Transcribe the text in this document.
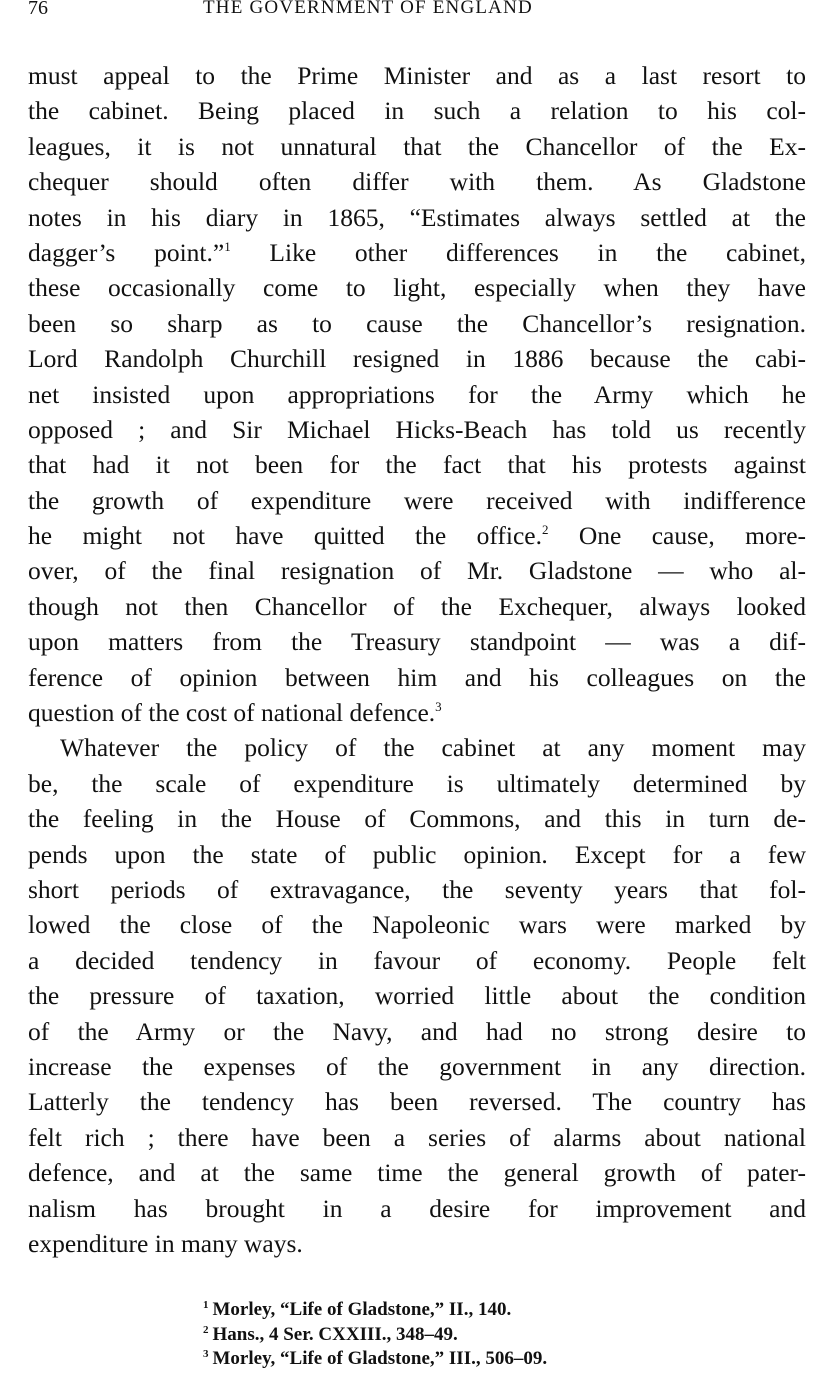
76	THE GOVERNMENT OF ENGLAND
must appeal to the Prime Minister and as a last resort to
the cabinet. Being placed in such a relation to his col-
leagues, it is not unnatural that the Chancellor of the Ex-
chequer should often differ with them. As Gladstone
notes in his diary in 1865, “Estimates always settled at the
dagger’s point.”$^1$ Like other differences in the cabinet,
these occasionally come to light, especially when they have
been so sharp as to cause the Chancellor’s resignation.
Lord Randolph Churchill resigned in 1886 because the cabi-
net insisted upon appropriations for the Army which he
opposed ; and Sir Michael Hicks-Beach has told us recently
that had it not been for the fact that his protests against
the growth of expenditure were received with indifference
he might not have quitted the office.$^2$ One cause, more-
over, of the final resignation of Mr. Gladstone — who al-
though not then Chancellor of the Exchequer, always looked
upon matters from the Treasury standpoint — was a dif-
ference of opinion between him and his colleagues on the
question of the cost of national defence.$^3$
Whatever the policy of the cabinet at any moment may
be, the scale of expenditure is ultimately determined by
the feeling in the House of Commons, and this in turn de-
pends upon the state of public opinion. Except for a few
short periods of extravagance, the seventy years that fol-
lowed the close of the Napoleonic wars were marked by
a decided tendency in favour of economy. People felt
the pressure of taxation, worried little about the condition
of the Army or the Navy, and had no strong desire to
increase the expenses of the government in any direction.
Latterly the tendency has been reversed. The country has
felt rich ; there have been a series of alarms about national
defence, and at the same time the general growth of pater-
nalism has brought in a desire for improvement and
expenditure in many ways.
$^1$ Morley, “Life of Gladstone,” II., 140.
$^2$ Hans., 4 Ser. CXXIII., 348–49.
$^3$ Morley, “Life of Gladstone,” III., 506–09.
